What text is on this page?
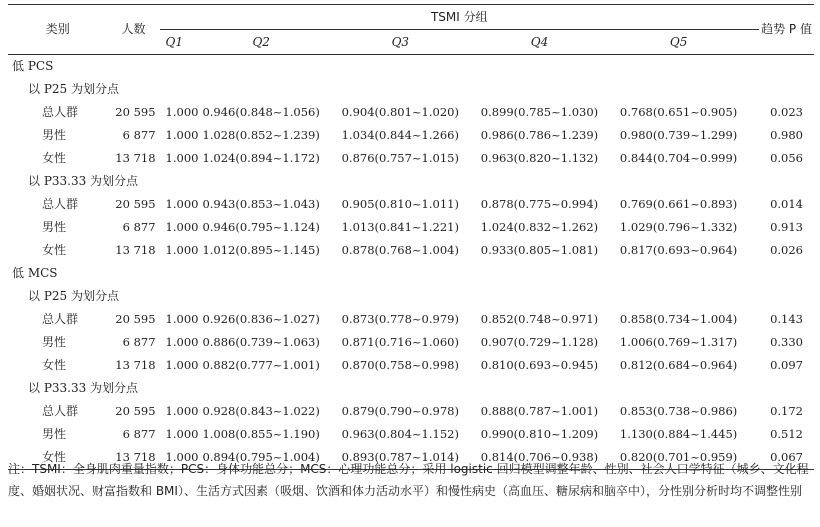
类别	人数	TSMI 分组					趋势 P 值
		Q1	Q2	Q3	Q4	Q5	
低 PCS							
以 P25 为划分点							
总人群	20 595	1.000	0.946(0.848~1.056)	0.904(0.801~1.020)	0.899(0.785~1.030)	0.768(0.651~0.905)	0.023
男性	6 877	1.000	1.028(0.852~1.239)	1.034(0.844~1.266)	0.986(0.786~1.239)	0.980(0.739~1.299)	0.980
女性	13 718	1.000	1.024(0.894~1.172)	0.876(0.757~1.015)	0.963(0.820~1.132)	0.844(0.704~0.999)	0.056
以 P33.33 为划分点							
总人群	20 595	1.000	0.943(0.853~1.043)	0.905(0.810~1.011)	0.878(0.775~0.994)	0.769(0.661~0.893)	0.014
男性	6 877	1.000	0.946(0.795~1.124)	1.013(0.841~1.221)	1.024(0.832~1.262)	1.029(0.796~1.332)	0.913
女性	13 718	1.000	1.012(0.895~1.145)	0.878(0.768~1.004)	0.933(0.805~1.081)	0.817(0.693~0.964)	0.026
低 MCS							
以 P25 为划分点							
总人群	20 595	1.000	0.926(0.836~1.027)	0.873(0.778~0.979)	0.852(0.748~0.971)	0.858(0.734~1.004)	0.143
男性	6 877	1.000	0.886(0.739~1.063)	0.871(0.716~1.060)	0.907(0.729~1.128)	1.006(0.769~1.317)	0.330
女性	13 718	1.000	0.882(0.777~1.001)	0.870(0.758~0.998)	0.810(0.693~0.945)	0.812(0.684~0.964)	0.097
以 P33.33 为划分点							
总人群	20 595	1.000	0.928(0.843~1.022)	0.879(0.790~0.978)	0.888(0.787~1.001)	0.853(0.738~0.986)	0.172
男性	6 877	1.000	1.008(0.855~1.190)	0.963(0.804~1.152)	0.990(0.810~1.209)	1.130(0.884~1.445)	0.512
女性	13 718	1.000	0.894(0.795~1.004)	0.893(0.787~1.014)	0.814(0.706~0.938)	0.820(0.701~0.959)	0.067
注：TSMI：全身肌肉重量指数；PCS：身体功能总分；MCS：心理功能总分；采用 logistic 回归模型调整年龄、性别、社会人口学特征（城乡、文化程度、婚姻状况、财富指数和 BMI）、生活方式因素（吸烟、饮酒和体力活动水平）和慢性病史（高血压、糖尿病和脑卒中），分性别分析时均不调整性别
